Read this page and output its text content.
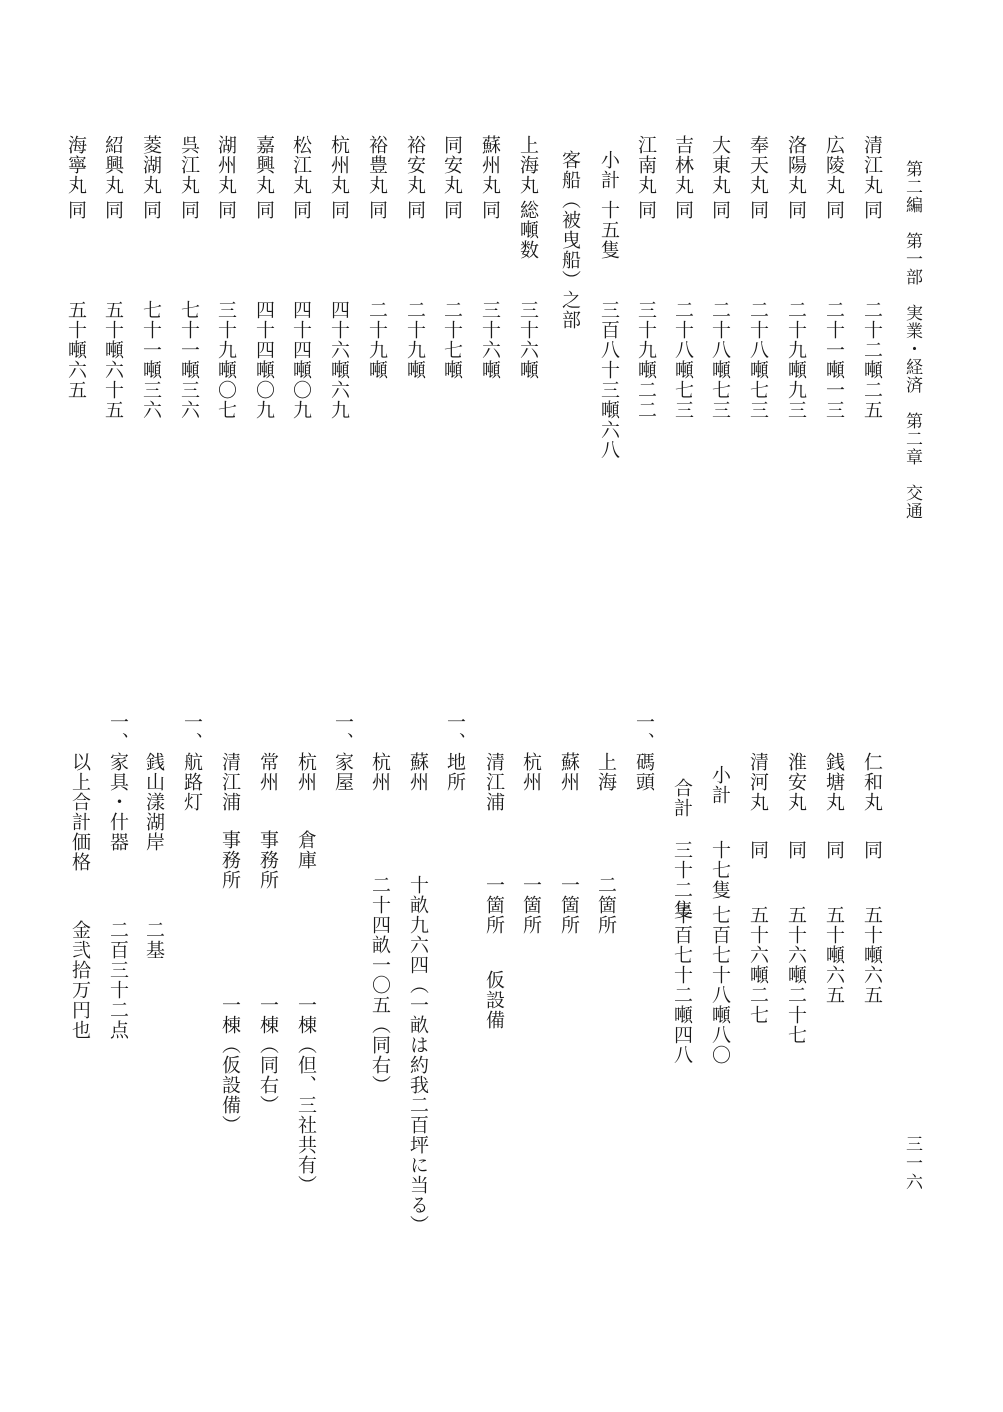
第二編　第一部　実業・経済　第二章　交通
三一六
清江丸
同
二十二噸二五
広陵丸
同
二十一噸一三
洛陽丸
同
二十九噸九三
奉天丸
同
二十八噸七三
大東丸
同
二十八噸七三
吉林丸
同
二十八噸七三
江南丸
同
三十九噸二二
小計
十五隻
三百八十三噸六八
客船（被曳船）之部
上海丸
総噸数
三十六噸
蘇州丸
同
三十六噸
同安丸
同
二十七噸
裕安丸
同
二十九噸
裕豊丸
同
二十九噸
杭州丸
同
四十六噸六九
松江丸
同
四十四噸〇九
嘉興丸
同
四十四噸〇九
湖州丸
同
三十九噸〇七
呉江丸
同
七十一噸三六
菱湖丸
同
七十一噸三六
紹興丸
同
五十噸六十五
海寧丸
同
五十噸六五
仁和丸
同
五十噸六五
銭塘丸
同
五十噸六五
淮安丸
同
五十六噸二十七
清河丸
同
五十六噸二七
小計
十七隻
七百七十八噸八〇
合計
三十二隻
千百七十二噸四八
一、碼頭
上海
二箇所
蘇州
一箇所
杭州
一箇所
清江浦
一箇所
仮設備
一、地所
蘇州
十畝九六四（一畝は約我二百坪に当る）
杭州
二十四畝一〇五（同右）
一、家屋
杭州
倉庫
一棟（但、三社共有）
常州
事務所
一棟（同右）
清江浦
事務所
一棟（仮設備）
一、航路灯
銭山漾湖岸
二基
一、家具・什器
二百三十二点
以上合計価格
金弐拾万円也
